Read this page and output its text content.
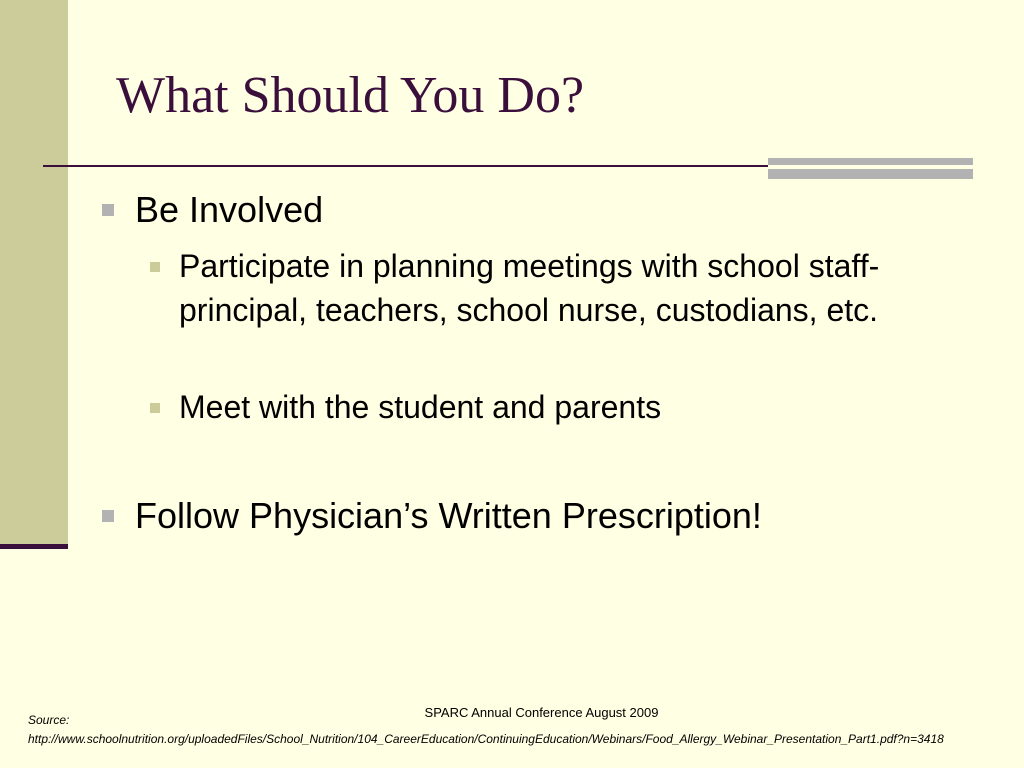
What Should You Do?

Be Involved

Participate in planning meetings with school staff- principal, teachers, school nurse, custodians, etc.

Meet with the student and parents

Follow Physician’s Written Prescription!

SPARC Annual Conference August 2009

Source:
http://www.schoolnutrition.org/uploadedFiles/School_Nutrition/104_CareerEducation/ContinuingEducation/Webinars/Food_Allergy_Webinar_Presentation_Part1.pdf?n=3418
